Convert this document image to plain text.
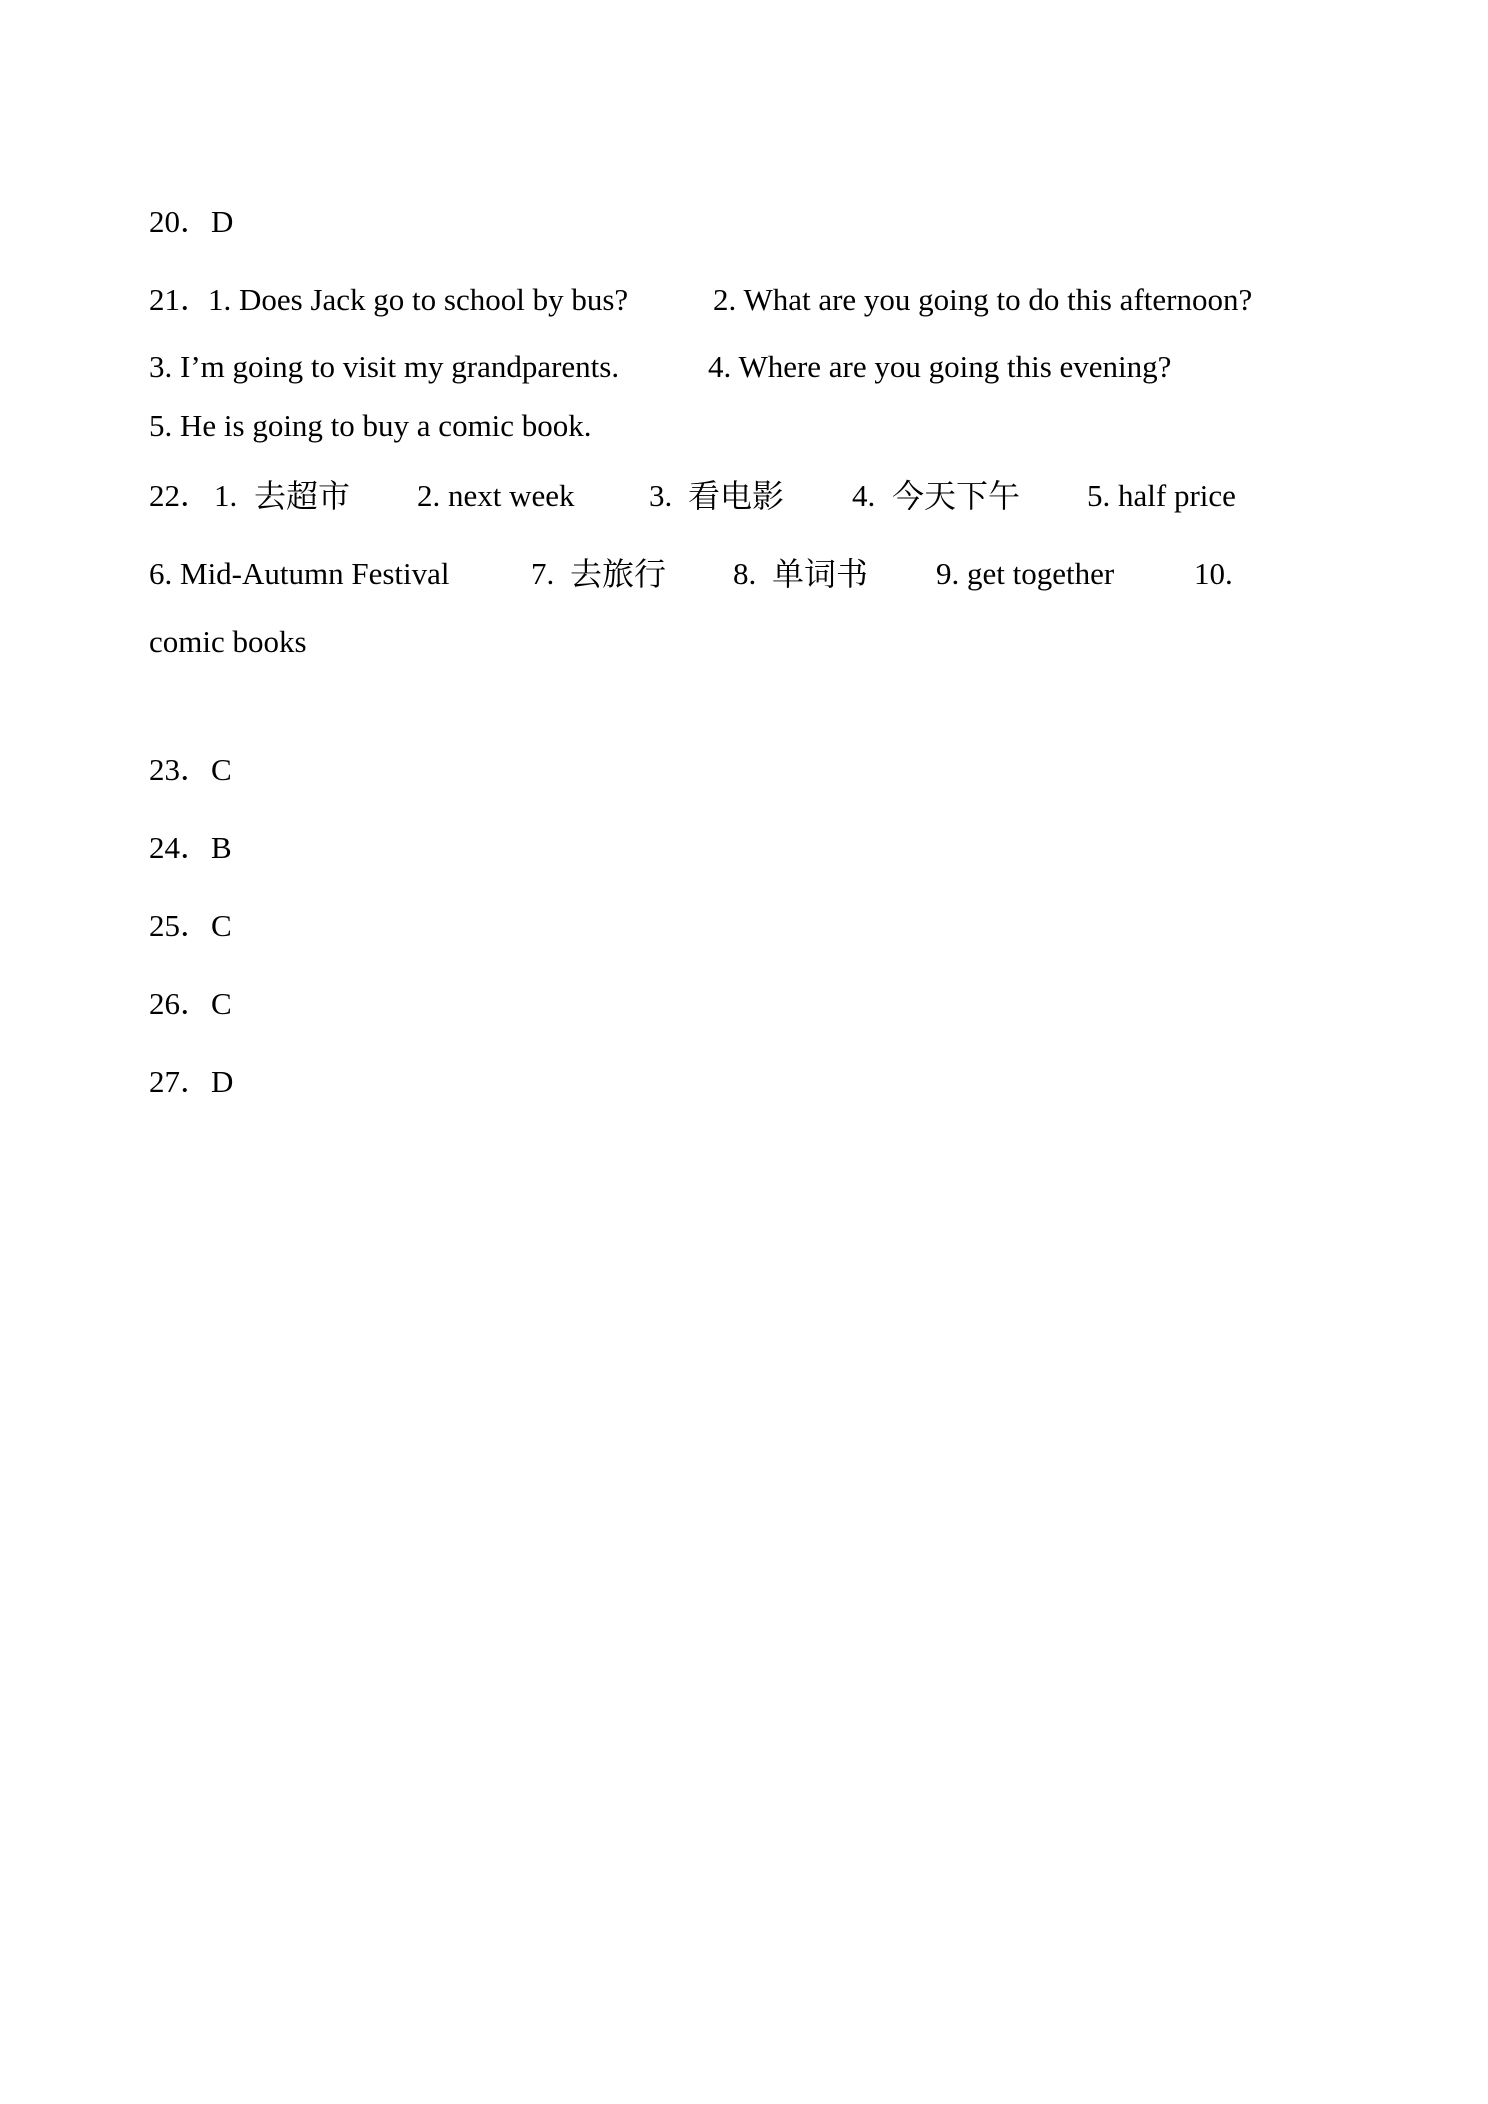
20．D
21．
1. Does Jack go to school by bus?	2. What are you going to do this afternoon?
3. I’m going to visit my grandparents.	4. Where are you going this evening?
5. He is going to buy a comic book.
22． 1. 去超市 2. next week 3. 看电影 4. 今天下午 5. half price
6. Mid-Autumn Festival	7. 去旅行 8. 单词书 9. get together	10.
comic books
23．C
24．B
25．C
26．C
27．D
